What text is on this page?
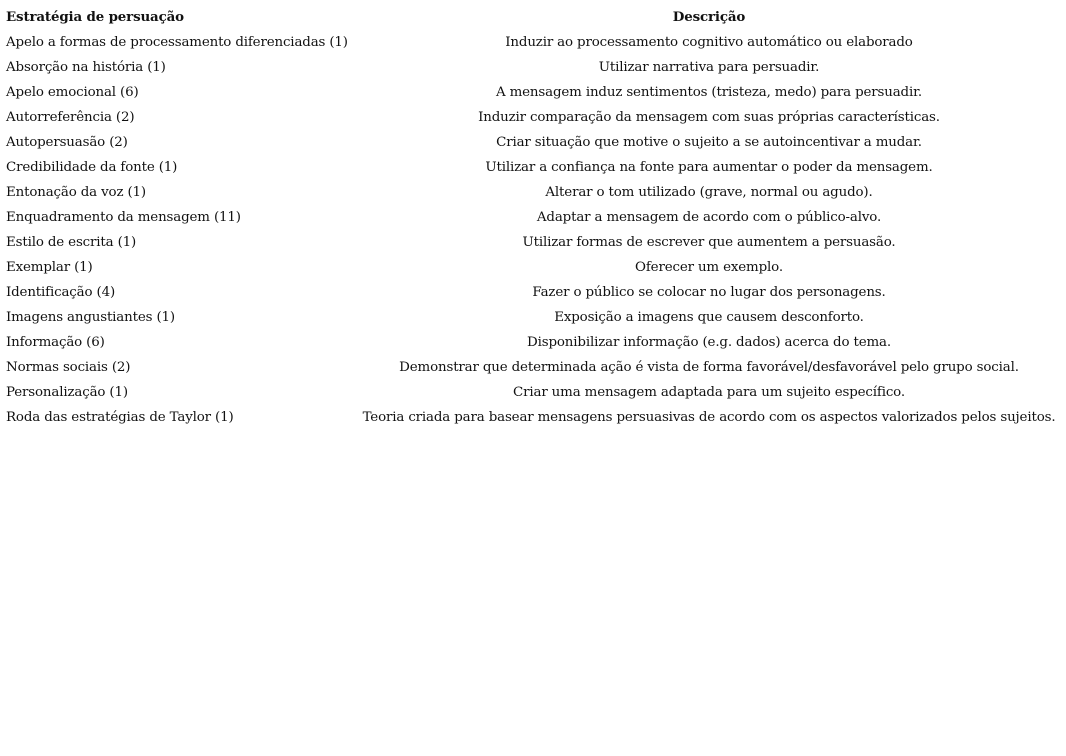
Estratégia de persuação	Descrição
Apelo a formas de processamento diferenciadas (1)	Induzir ao processamento cognitivo automático ou elaborado
Absorção na história (1)	Utilizar narrativa para persuadir.
Apelo emocional (6)	A mensagem induz sentimentos (tristeza, medo) para persuadir.
Autorreferência (2)	Induzir comparação da mensagem com suas próprias características.
Autopersuasão (2)	Criar situação que motive o sujeito a se autoincentivar a mudar.
Credibilidade da fonte (1)	Utilizar a confiança na fonte para aumentar o poder da mensagem.
Entonação da voz (1)	Alterar o tom utilizado (grave, normal ou agudo).
Enquadramento da mensagem (11)	Adaptar a mensagem de acordo com o público-alvo.
Estilo de escrita (1)	Utilizar formas de escrever que aumentem a persuasão.
Exemplar (1)	Oferecer um exemplo.
Identificação (4)	Fazer o público se colocar no lugar dos personagens.
Imagens angustiantes (1)	Exposição a imagens que causem desconforto.
Informação (6)	Disponibilizar informação (e.g. dados) acerca do tema.
Normas sociais (2)	Demonstrar que determinada ação é vista de forma favorável/desfavorável pelo grupo social.
Personalização (1)	Criar uma mensagem adaptada para um sujeito específico.
Roda das estratégias de Taylor (1)	Teoria criada para basear mensagens persuasivas de acordo com os aspectos valorizados pelos sujeitos.
